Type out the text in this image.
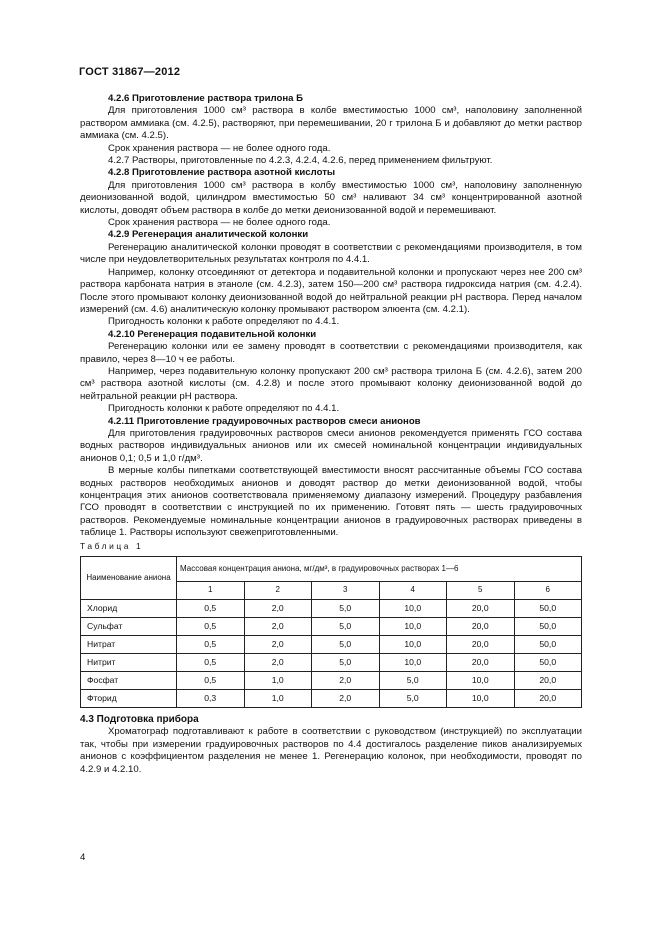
ГОСТ 31867—2012

4.2.6 Приготовление раствора трилона Б

Для приготовления 1000 см³ раствора в колбе вместимостью 1000 см³, наполовину заполненной раствором аммиака (см. 4.2.5), растворяют, при перемешивании, 20 г трилона Б и добавляют до метки раствор аммиака (см. 4.2.5).

Срок хранения раствора — не более одного года.

4.2.7 Растворы, приготовленные по 4.2.3, 4.2.4, 4.2.6, перед применением фильтруют.

4.2.8 Приготовление раствора азотной кислоты

Для приготовления 1000 см³ раствора в колбу вместимостью 1000 см³, наполовину заполненную деионизованной водой, цилиндром вместимостью 50 см³ наливают 34 см³ концентрированной азотной кислоты, доводят объем раствора в колбе до метки деионизованной водой и перемешивают.

Срок хранения раствора — не более одного года.

4.2.9 Регенерация аналитической колонки

Регенерацию аналитической колонки проводят в соответствии с рекомендациями производителя, в том числе при неудовлетворительных результатах контроля по 4.4.1.

Например, колонку отсоединяют от детектора и подавительной колонки и пропускают через нее 200 см³ раствора карбоната натрия в этаноле (см. 4.2.3), затем 150—200 см³ раствора гидроксида натрия (см. 4.2.4). После этого промывают колонку деионизованной водой до нейтральной реакции pH раствора. Перед началом измерений (см. 4.6) аналитическую колонку промывают раствором элюента (см. 4.2.1).

Пригодность колонки к работе определяют по 4.4.1.

4.2.10 Регенерация подавительной колонки

Регенерацию колонки или ее замену проводят в соответствии с рекомендациями производителя, как правило, через 8—10 ч ее работы.

Например, через подавительную колонку пропускают 200 см³ раствора трилона Б (см. 4.2.6), затем 200 см³ раствора азотной кислоты (см. 4.2.8) и после этого промывают колонку деионизованной водой до нейтральной реакции pH раствора.

Пригодность колонки к работе определяют по 4.4.1.

4.2.11 Приготовление градуировочных растворов смеси анионов

Для приготовления градуировочных растворов смеси анионов рекомендуется применять ГСО состава водных растворов индивидуальных анионов или их смесей номинальной концентрации индивидуальных анионов 0,1; 0,5 и 1,0 г/дм³.

В мерные колбы пипетками соответствующей вместимости вносят рассчитанные объемы ГСО состава водных растворов необходимых анионов и доводят раствор до метки деионизованной водой, чтобы концентрация этих анионов соответствовала применяемому диапазону измерений. Процедуру разбавления ГСО проводят в соответствии с инструкцией по их применению. Готовят пять — шесть градуировочных растворов. Рекомендуемые номинальные концентрации анионов в градуировочных растворах приведены в таблице 1. Растворы используют свежеприготовленными.

Таблица 1

Наименование аниона	Массовая концентрация аниона, мг/дм³, в градуировочных растворах 1—6					
	1	2	3	4	5	6
Хлорид	0,5	2,0	5,0	10,0	20,0	50,0
Сульфат	0,5	2,0	5,0	10,0	20,0	50,0
Нитрат	0,5	2,0	5,0	10,0	20,0	50,0
Нитрит	0,5	2,0	5,0	10,0	20,0	50,0
Фосфат	0,5	1,0	2,0	5,0	10,0	20,0
Фторид	0,3	1,0	2,0	5,0	10,0	20,0

4.3 Подготовка прибора

Хроматограф подготавливают к работе в соответствии с руководством (инструкцией) по эксплуатации так, чтобы при измерении градуировочных растворов по 4.4 достигалось разделение пиков анализируемых анионов с коэффициентом разделения не менее 1. Регенерацию колонок, при необходимости, проводят по 4.2.9 и 4.2.10.

4
